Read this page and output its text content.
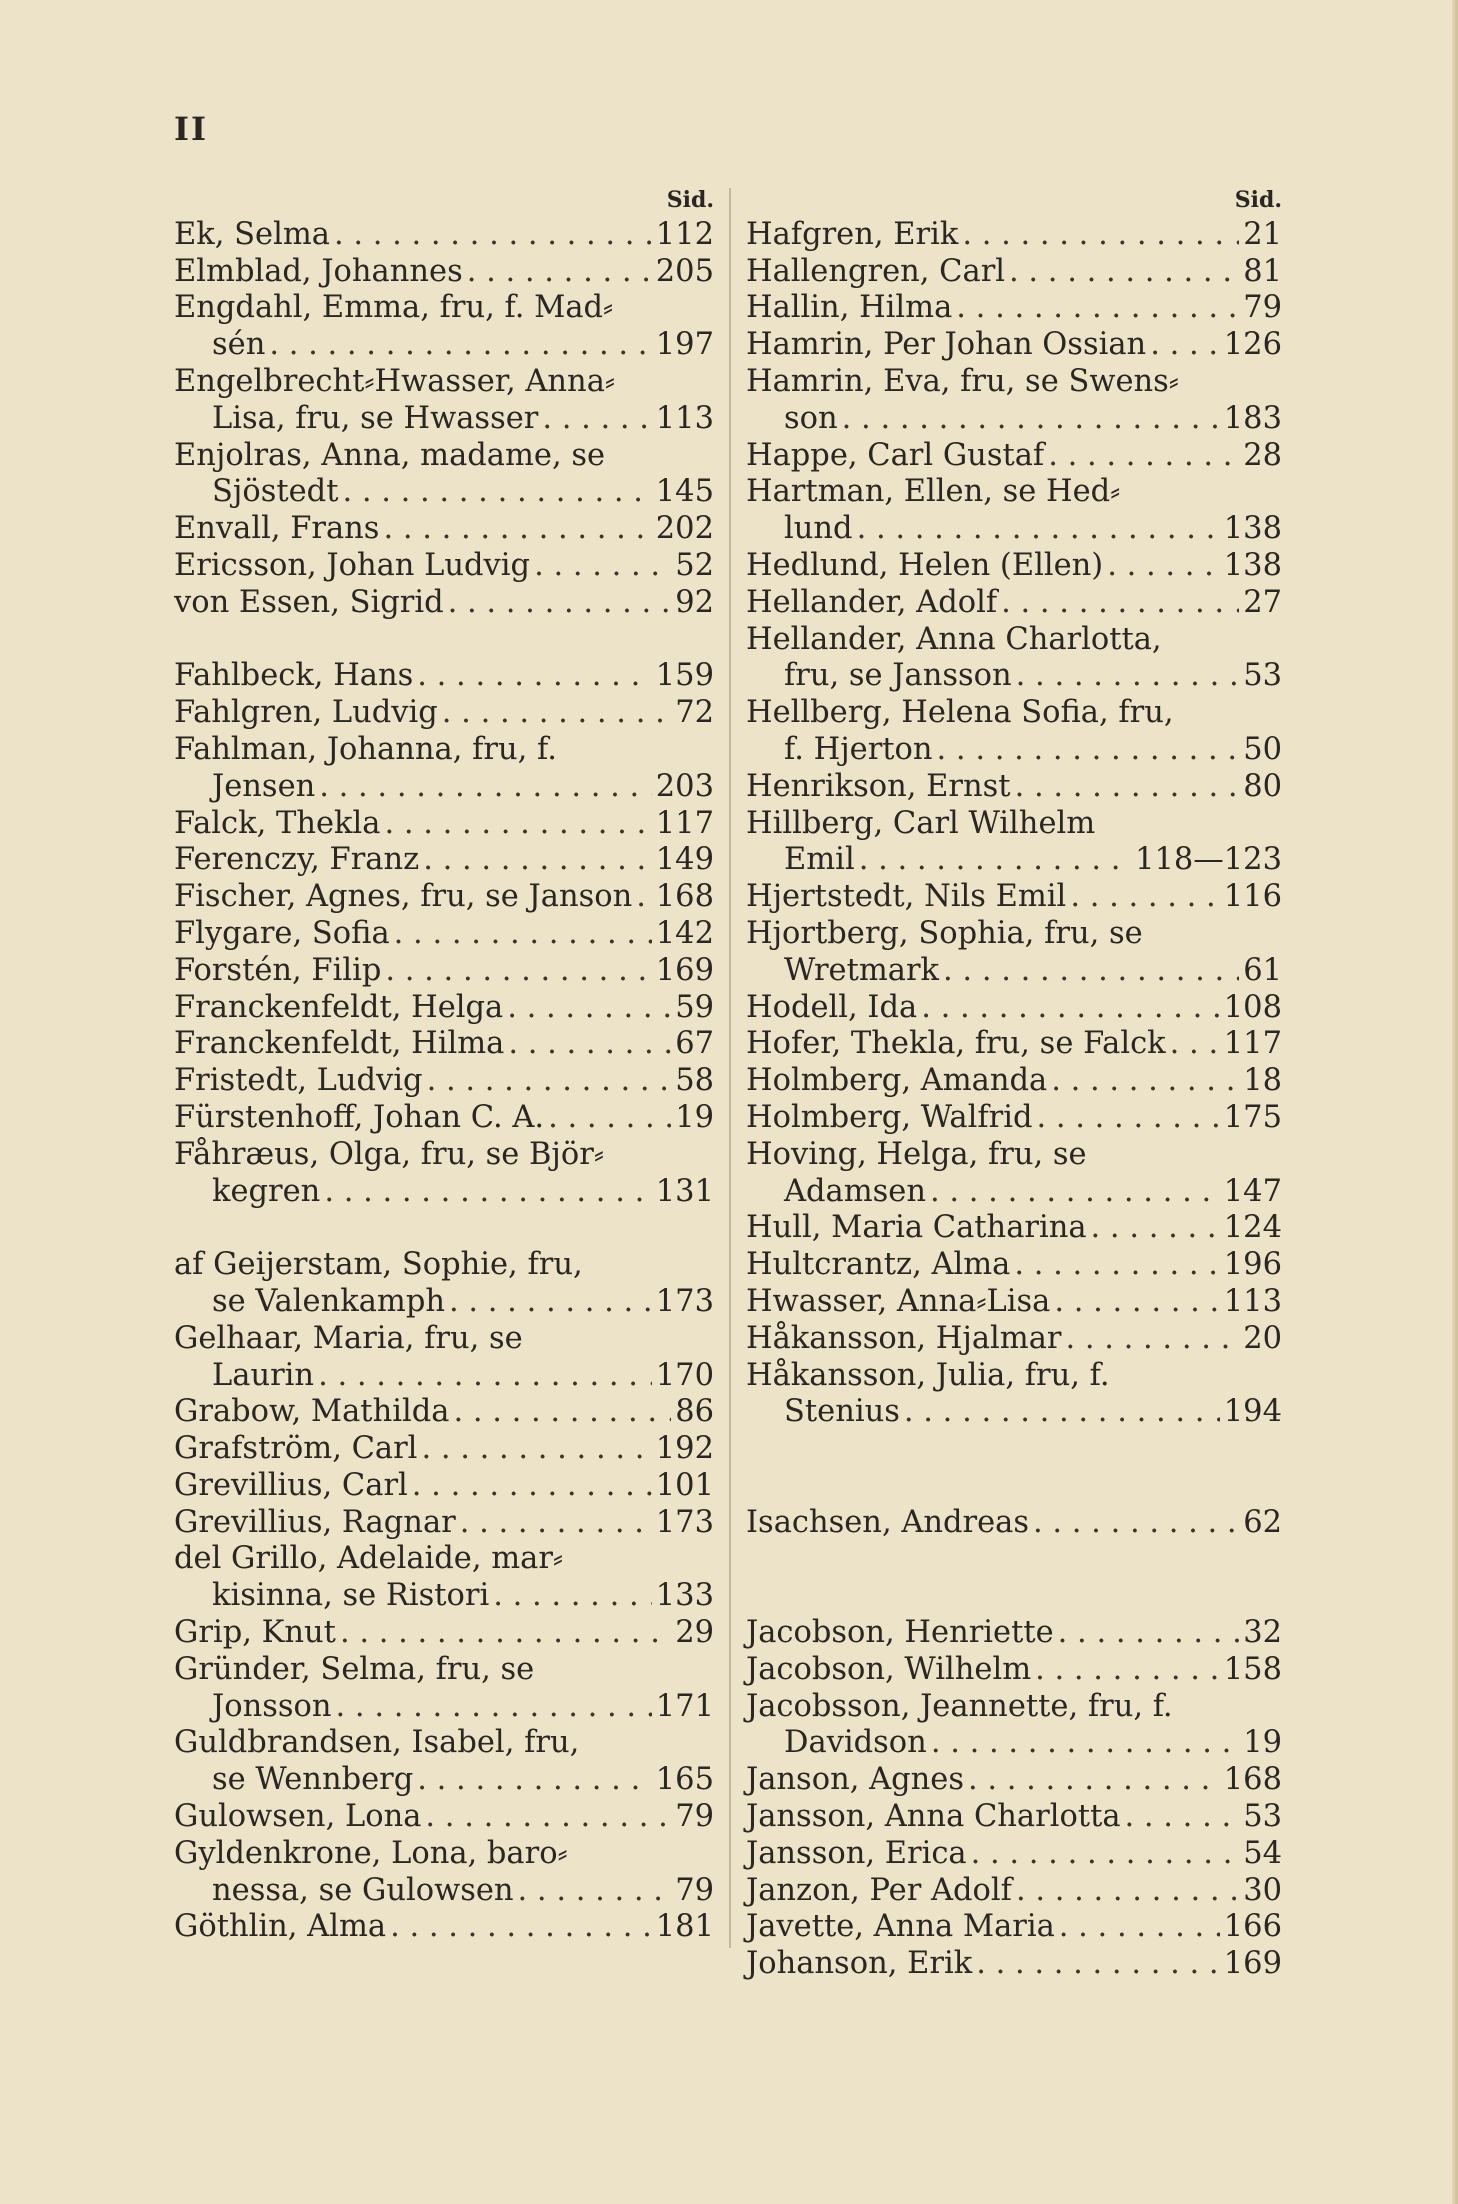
II
Sid.
Ek, Selma . . .	112
Elmblad, Johannes . . .	205
Engdahl, Emma, fru, f. Mad⸗
sén . . .	197
Engelbrecht⸗Hwasser, Anna⸗
Lisa, fru, se Hwasser . . .	113
Enjolras, Anna, madame, se
Sjöstedt . . .	145
Envall, Frans . . .	202
Ericsson, Johan Ludvig . . .	52
von Essen, Sigrid . . .	92
Fahlbeck, Hans . . .	159
Fahlgren, Ludvig . . .	72
Fahlman, Johanna, fru, f.
Jensen . . .	203
Falck, Thekla . . .	117
Ferenczy, Franz . . .	149
Fischer, Agnes, fru, se Janson . . . 168
Flygare, Sofia . . .	142
Forstén, Filip . . .	169
Franckenfeldt, Helga . . .	59
Franckenfeldt, Hilma . . .	67
Fristedt, Ludvig . . .	58
Fürstenhoff, Johan C. A. . . .	19
Fåhræus, Olga, fru, se Björ⸗
kegren . . .	131
af Geijerstam, Sophie, fru,
se Valenkamph . . .	173
Gelhaar, Maria, fru, se
Laurin . . .	170
Grabow, Mathilda . . .	86
Grafström, Carl . . .	192
Grevillius, Carl . . .	101
Grevillius, Ragnar . . .	173
del Grillo, Adelaide, mar⸗
kisinna, se Ristori . . .	133
Grip, Knut . . .	29
Gründer, Selma, fru, se
Jonsson . . .	171
Guldbrandsen, Isabel, fru,
se Wennberg . . .	165
Gulowsen, Lona . . .	79
Gyldenkrone, Lona, baro⸗
nessa, se Gulowsen . . .	79
Göthlin, Alma . . .	181
Sid.
Hafgren, Erik . . .	21
Hallengren, Carl . . .	81
Hallin, Hilma . . .	79
Hamrin, Per Johan Ossian . . .	126
Hamrin, Eva, fru, se Swens⸗
son . . .	183
Happe, Carl Gustaf . . .	28
Hartman, Ellen, se Hed⸗
lund . . .	138
Hedlund, Helen (Ellen) . . .	138
Hellander, Adolf . . .	27
Hellander, Anna Charlotta,
fru, se Jansson . . .	53
Hellberg, Helena Sofia, fru,
f. Hjerton . . .	50
Henrikson, Ernst . . .	80
Hillberg, Carl Wilhelm
Emil . . .	118—123
Hjertstedt, Nils Emil . . .	116
Hjortberg, Sophia, fru, se
Wretmark . . .	61
Hodell, Ida . . .	108
Hofer, Thekla, fru, se Falck . . . 117
Holmberg, Amanda . . .	18
Holmberg, Walfrid . . .	175
Hoving, Helga, fru, se
Adamsen . . .	147
Hull, Maria Catharina . . .	124
Hultcrantz, Alma . . .	196
Hwasser, Anna⸗Lisa . . .	113
Håkansson, Hjalmar . . .	20
Håkansson, Julia, fru, f.
Stenius . . .	194
Isachsen, Andreas . . .	62
Jacobson, Henriette . . .	32
Jacobson, Wilhelm . . .	158
Jacobsson, Jeannette, fru, f.
Davidson . . .	19
Janson, Agnes . . .	168
Jansson, Anna Charlotta . . .	53
Jansson, Erica . . .	54
Janzon, Per Adolf . . .	30
Javette, Anna Maria . . .	166
Johanson, Erik . . .	169
